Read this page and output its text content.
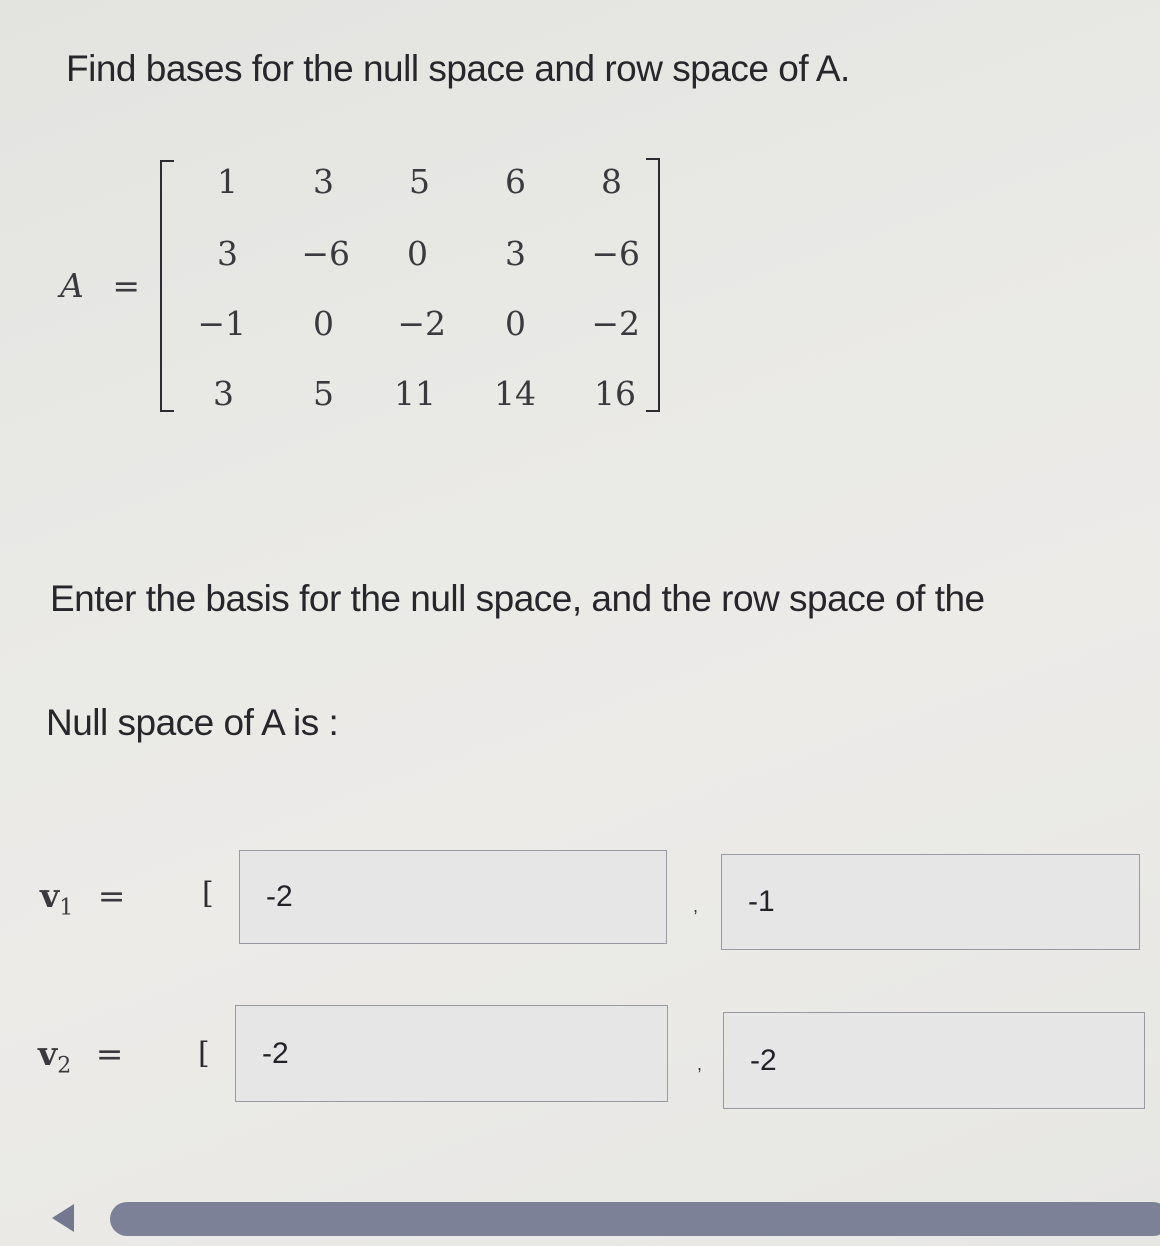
Find bases for the null space and row space of A.
A =
1	3	5	6	8
3	−6	0	3	−6
−1	0	−2	0	−2
3	5	11	14	16
Enter the basis for the null space, and the row space of the
Null space of A is :
$v_1$ =	[ -2	, -1
$v_2$ = [ -2	, -2
